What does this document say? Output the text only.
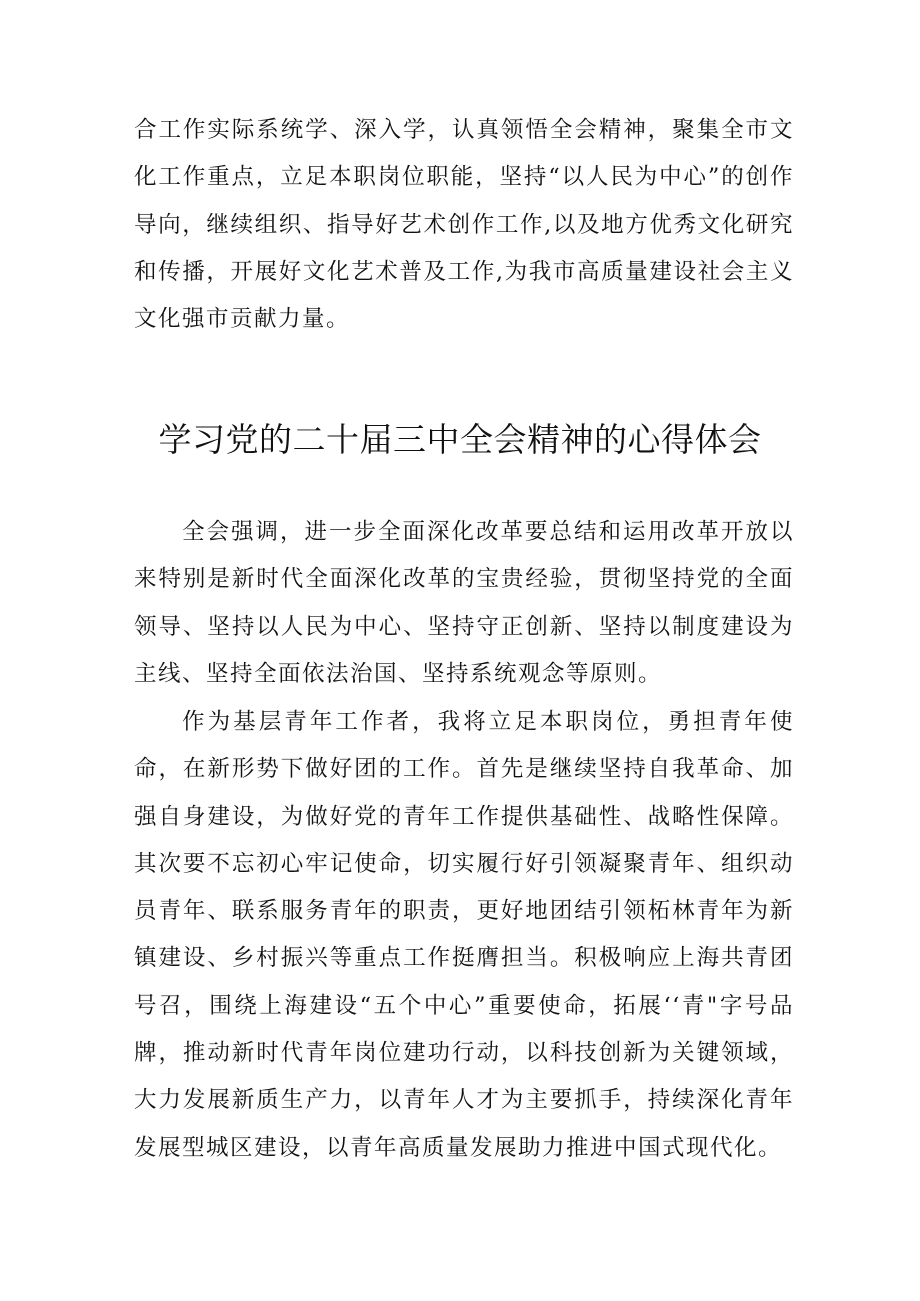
合工作实际系统学、深入学，认真领悟全会精神，聚集全市文化工作重点，立足本职岗位职能，坚持“以人民为中心”的创作导向，继续组织、指导好艺术创作工作,以及地方优秀文化研究和传播，开展好文化艺术普及工作,为我市高质量建设社会主义文化强市贡献力量。

学习党的二十届三中全会精神的心得体会

全会强调，进一步全面深化改革要总结和运用改革开放以来特别是新时代全面深化改革的宝贵经验，贯彻坚持党的全面领导、坚持以人民为中心、坚持守正创新、坚持以制度建设为主线、坚持全面依法治国、坚持系统观念等原则。

作为基层青年工作者，我将立足本职岗位，勇担青年使命，在新形势下做好团的工作。首先是继续坚持自我革命、加强自身建设，为做好党的青年工作提供基础性、战略性保障。其次要不忘初心牢记使命，切实履行好引领凝聚青年、组织动员青年、联系服务青年的职责，更好地团结引领柘林青年为新镇建设、乡村振兴等重点工作挺膺担当。积极响应上海共青团号召，围绕上海建设“五个中心”重要使命，拓展‘‘青"字号品牌，推动新时代青年岗位建功行动，以科技创新为关键领域，大力发展新质生产力，以青年人才为主要抓手，持续深化青年发展型城区建设，以青年高质量发展助力推进中国式现代化。
